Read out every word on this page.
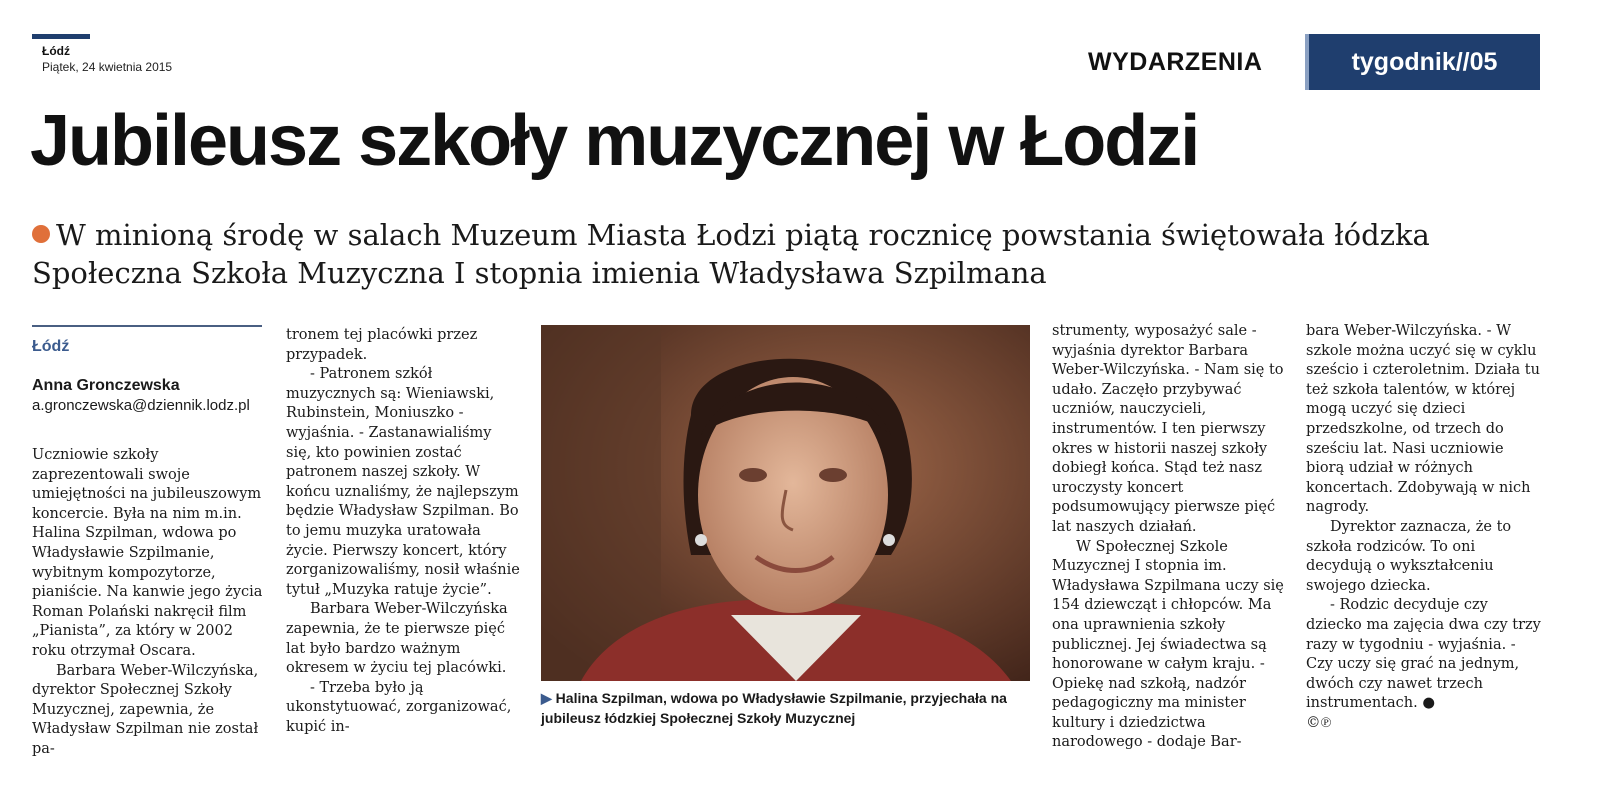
Łódź
Piątek, 24 kwietnia 2015	WYDARZENIA	tygodnik//05
Jubileusz szkoły muzycznej w Łodzi
W minioną środę w salach Muzeum Miasta Łodzi piątą rocznicę powstania świętowała łódzka Społeczna Szkoła Muzyczna I stopnia imienia Władysława Szpilmana
Łódź
Anna Gronczewska
a.gronczewska@dziennik.lodz.pl

Uczniowie szkoły zaprezentowali swoje umiejętności na jubileuszowym koncercie. Była na nim m.in. Halina Szpilman, wdowa po Władysławie Szpilmanie, wybitnym kompozytorze, pianiście. Na kanwie jego życia Roman Polański nakręcił film „Pianista”, za który w 2002 roku otrzymał Oscara.

Barbara Weber-Wilczyńska, dyrektor Społecznej Szkoły Muzycznej, zapewnia, że Władysław Szpilman nie został pa-

tronem tej placówki przez przypadek.

- Patronem szkół muzycznych są: Wieniawski, Rubinstein, Moniuszko - wyjaśnia. - Zastanawialiśmy się, kto powinien zostać patronem naszej szkoły. W końcu uznaliśmy, że najlepszym będzie Władysław Szpilman. Bo to jemu muzyka uratowała życie. Pierwszy koncert, który zorganizowaliśmy, nosił właśnie tytuł „Muzyka ratuje życie”.

Barbara Weber-Wilczyńska zapewnia, że te pierwsze pięć lat było bardzo ważnym okresem w życiu tej placówki.

- Trzeba było ją ukonstytuować, zorganizować, kupić in-

▶ Halina Szpilman, wdowa po Władysławie Szpilmanie, przyjechała na jubileusz łódzkiej Społecznej Szkoły Muzycznej

strumenty, wyposażyć sale - wyjaśnia dyrektor Barbara Weber-Wilczyńska. - Nam się to udało. Zaczęło przybywać uczniów, nauczycieli, instrumentów. I ten pierwszy okres w historii naszej szkoły dobiegł końca. Stąd też nasz uroczysty koncert podsumowujący pierwsze pięć lat naszych działań.

W Społecznej Szkole Muzycznej I stopnia im. Władysława Szpilmana uczy się 154 dziewcząt i chłopców. Ma ona uprawnienia szkoły publicznej. Jej świadectwa są honorowane w całym kraju. - Opiekę nad szkołą, nadzór pedagogiczny ma minister kultury i dziedzictwa narodowego - dodaje Bar-

bara Weber-Wilczyńska. - W szkole można uczyć się w cyklu sześcio i czteroletnim. Działa tu też szkoła talentów, w której mogą uczyć się dzieci przedszkolne, od trzech do sześciu lat. Nasi uczniowie biorą udział w różnych koncertach. Zdobywają w nich nagrody.

Dyrektor zaznacza, że to szkoła rodziców. To oni decydują o wykształceniu swojego dziecka.

- Rodzic decyduje czy dziecko ma zajęcia dwa czy trzy razy w tygodniu - wyjaśnia. - Czy uczy się grać na jednym, dwóch czy nawet trzech instrumentach. ●

©℗
